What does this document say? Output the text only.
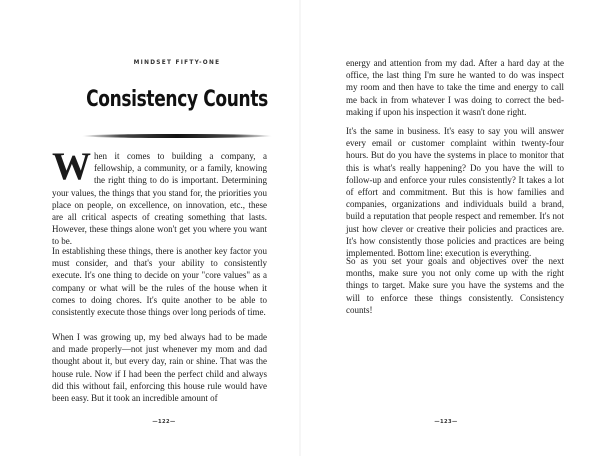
MINDSET FIFTY-ONE
Consistency Counts
When it comes to building a company, a fellowship, a community, or a family, knowing the right thing to do is important. Determining your values, the things that you stand for, the priorities you place on people, on excellence, on innovation, etc., these are all critical aspects of creating something that lasts. However, these things alone won't get you where you want to be.
In establishing these things, there is another key factor you must consider, and that's your ability to consistently execute. It's one thing to decide on your "core values" as a company or what will be the rules of the house when it comes to doing chores. It's quite another to be able to consistently execute those things over long periods of time.
When I was growing up, my bed always had to be made and made properly—not just whenever my mom and dad thought about it, but every day, rain or shine. That was the house rule. Now if I had been the perfect child and always did this without fail, enforcing this house rule would have been easy. But it took an incredible amount of
—122—
energy and attention from my dad. After a hard day at the office, the last thing I'm sure he wanted to do was inspect my room and then have to take the time and energy to call me back in from whatever I was doing to correct the bed-making if upon his inspection it wasn't done right.
It's the same in business. It's easy to say you will answer every email or customer complaint within twenty-four hours. But do you have the systems in place to monitor that this is what's really happening? Do you have the will to follow-up and enforce your rules consistently? It takes a lot of effort and commitment. But this is how families and companies, organizations and individuals build a brand, build a reputation that people respect and remember. It's not just how clever or creative their policies and practices are. It's how consistently those policies and practices are being implemented. Bottom line: execution is everything.
So as you set your goals and objectives over the next months, make sure you not only come up with the right things to target. Make sure you have the systems and the will to enforce these things consistently. Consistency counts!
—123—
